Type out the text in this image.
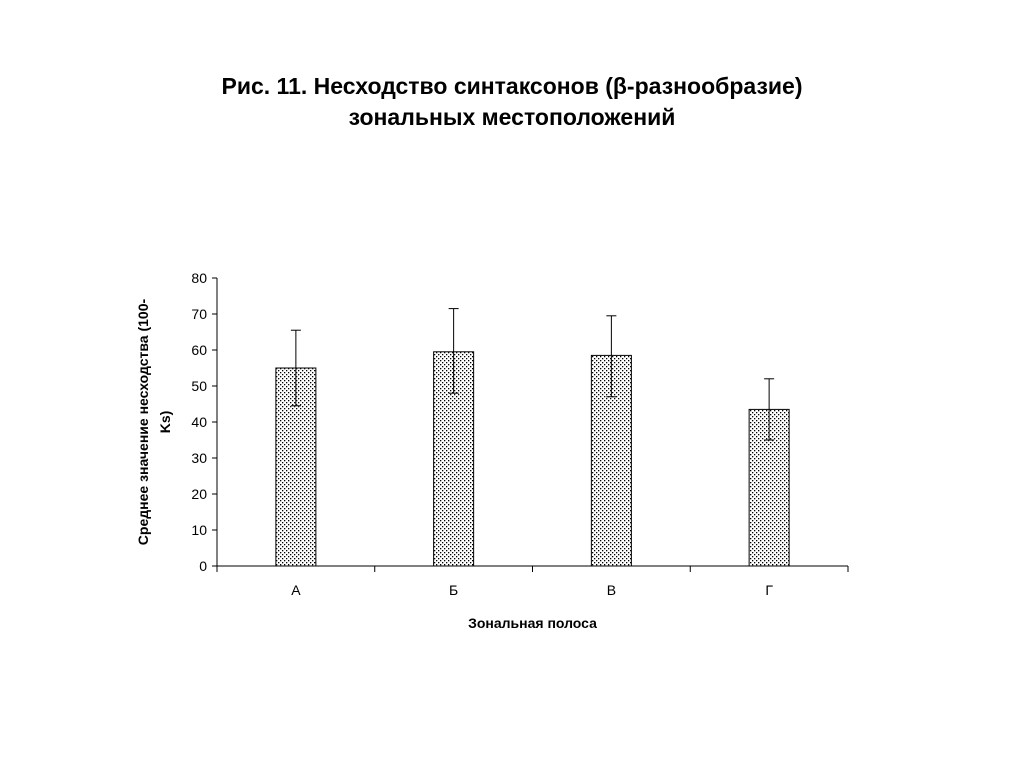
Рис. 11. Несходство синтаксонов (β-разнообразие)
зональных местоположений
0
10
20
30
40
50
60
70
80
А	Б	В	Г
Среднее значение несходства (100- Ks)
Зональная полоса
